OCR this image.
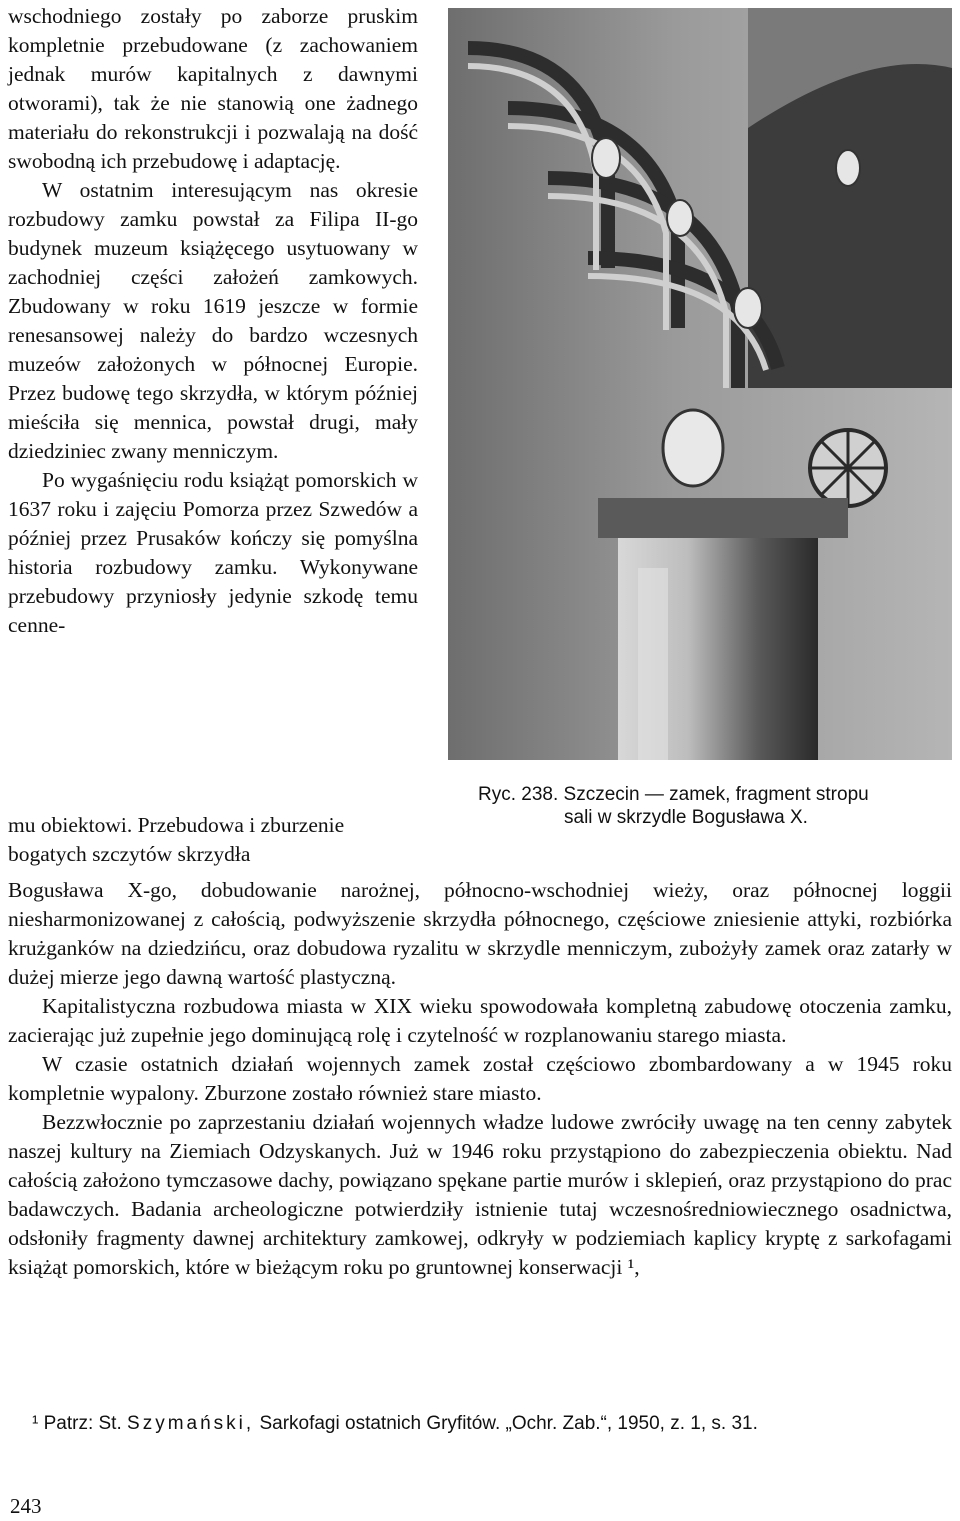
wschodniego zostały po zaborze pruskim kompletnie przebudowane (z zachowaniem jednak murów kapitalnych z dawnymi otworami), tak że nie stanowią one żadnego materiału do rekonstrukcji i pozwalają na dość swobodną ich przebudowę i adaptację.

W ostatnim interesującym nas okresie rozbudowy zamku powstał za Filipa II-go budynek muzeum książęcego usytuowany w zachodniej części założeń zamkowych. Zbudowany w roku 1619 jeszcze w formie renesansowej należy do bardzo wczesnych muzeów założonych w północnej Europie. Przez budowę tego skrzydła, w którym później mieściła się mennica, powstał drugi, mały dziedziniec zwany menniczym.

Po wygaśnięciu rodu książąt pomorskich w 1637 roku i zajęciu Pomorza przez Szwedów a później przez Prusaków kończy się pomyślna historia rozbudowy zamku. Wykonywane przebudowy przyniosły jedynie szkodę temu cenne-

Ryc. 238. Szczecin — zamek, fragment stropu
sali w skrzydle Bogusława X.

mu obiektowi. Przebudowa i zburzenie bogatych szczytów skrzydła

Bogusława X-go, dobudowanie narożnej, północno-wschodniej wieży, oraz północnej loggii niesharmonizowanej z całością, podwyższenie skrzydła północnego, częściowe zniesienie attyki, rozbiórka krużganków na dziedzińcu, oraz dobudowa ryzalitu w skrzydle menniczym, zubożyły zamek oraz zatarły w dużej mierze jego dawną wartość plastyczną.

Kapitalistyczna rozbudowa miasta w XIX wieku spowodowała kompletną zabudowę otoczenia zamku, zacierając już zupełnie jego dominującą rolę i czytelność w rozplanowaniu starego miasta.

W czasie ostatnich działań wojennych zamek został częściowo zbombardowany a w 1945 roku kompletnie wypalony. Zburzone zostało również stare miasto.

Bezzwłocznie po zaprzestaniu działań wojennych władze ludowe zwróciły uwagę na ten cenny zabytek naszej kultury na Ziemiach Odzyskanych. Już w 1946 roku przystąpiono do zabezpieczenia obiektu. Nad całością założono tymczasowe dachy, powiązano spękane partie murów i sklepień, oraz przystąpiono do prac badawczych. Badania archeologiczne potwierdziły istnienie tutaj wczesnośredniowiecznego osadnictwa, odsłoniły fragmenty dawnej architektury zamkowej, odkryły w podziemiach kaplicy kryptę z sarkofagami książąt pomorskich, które w bieżącym roku po gruntownej konserwacji ¹,

¹ Patrz: St. Szymański, Sarkofagi ostatnich Gryfitów. „Ochr. Zab.“, 1950, z. 1, s. 31.
243
